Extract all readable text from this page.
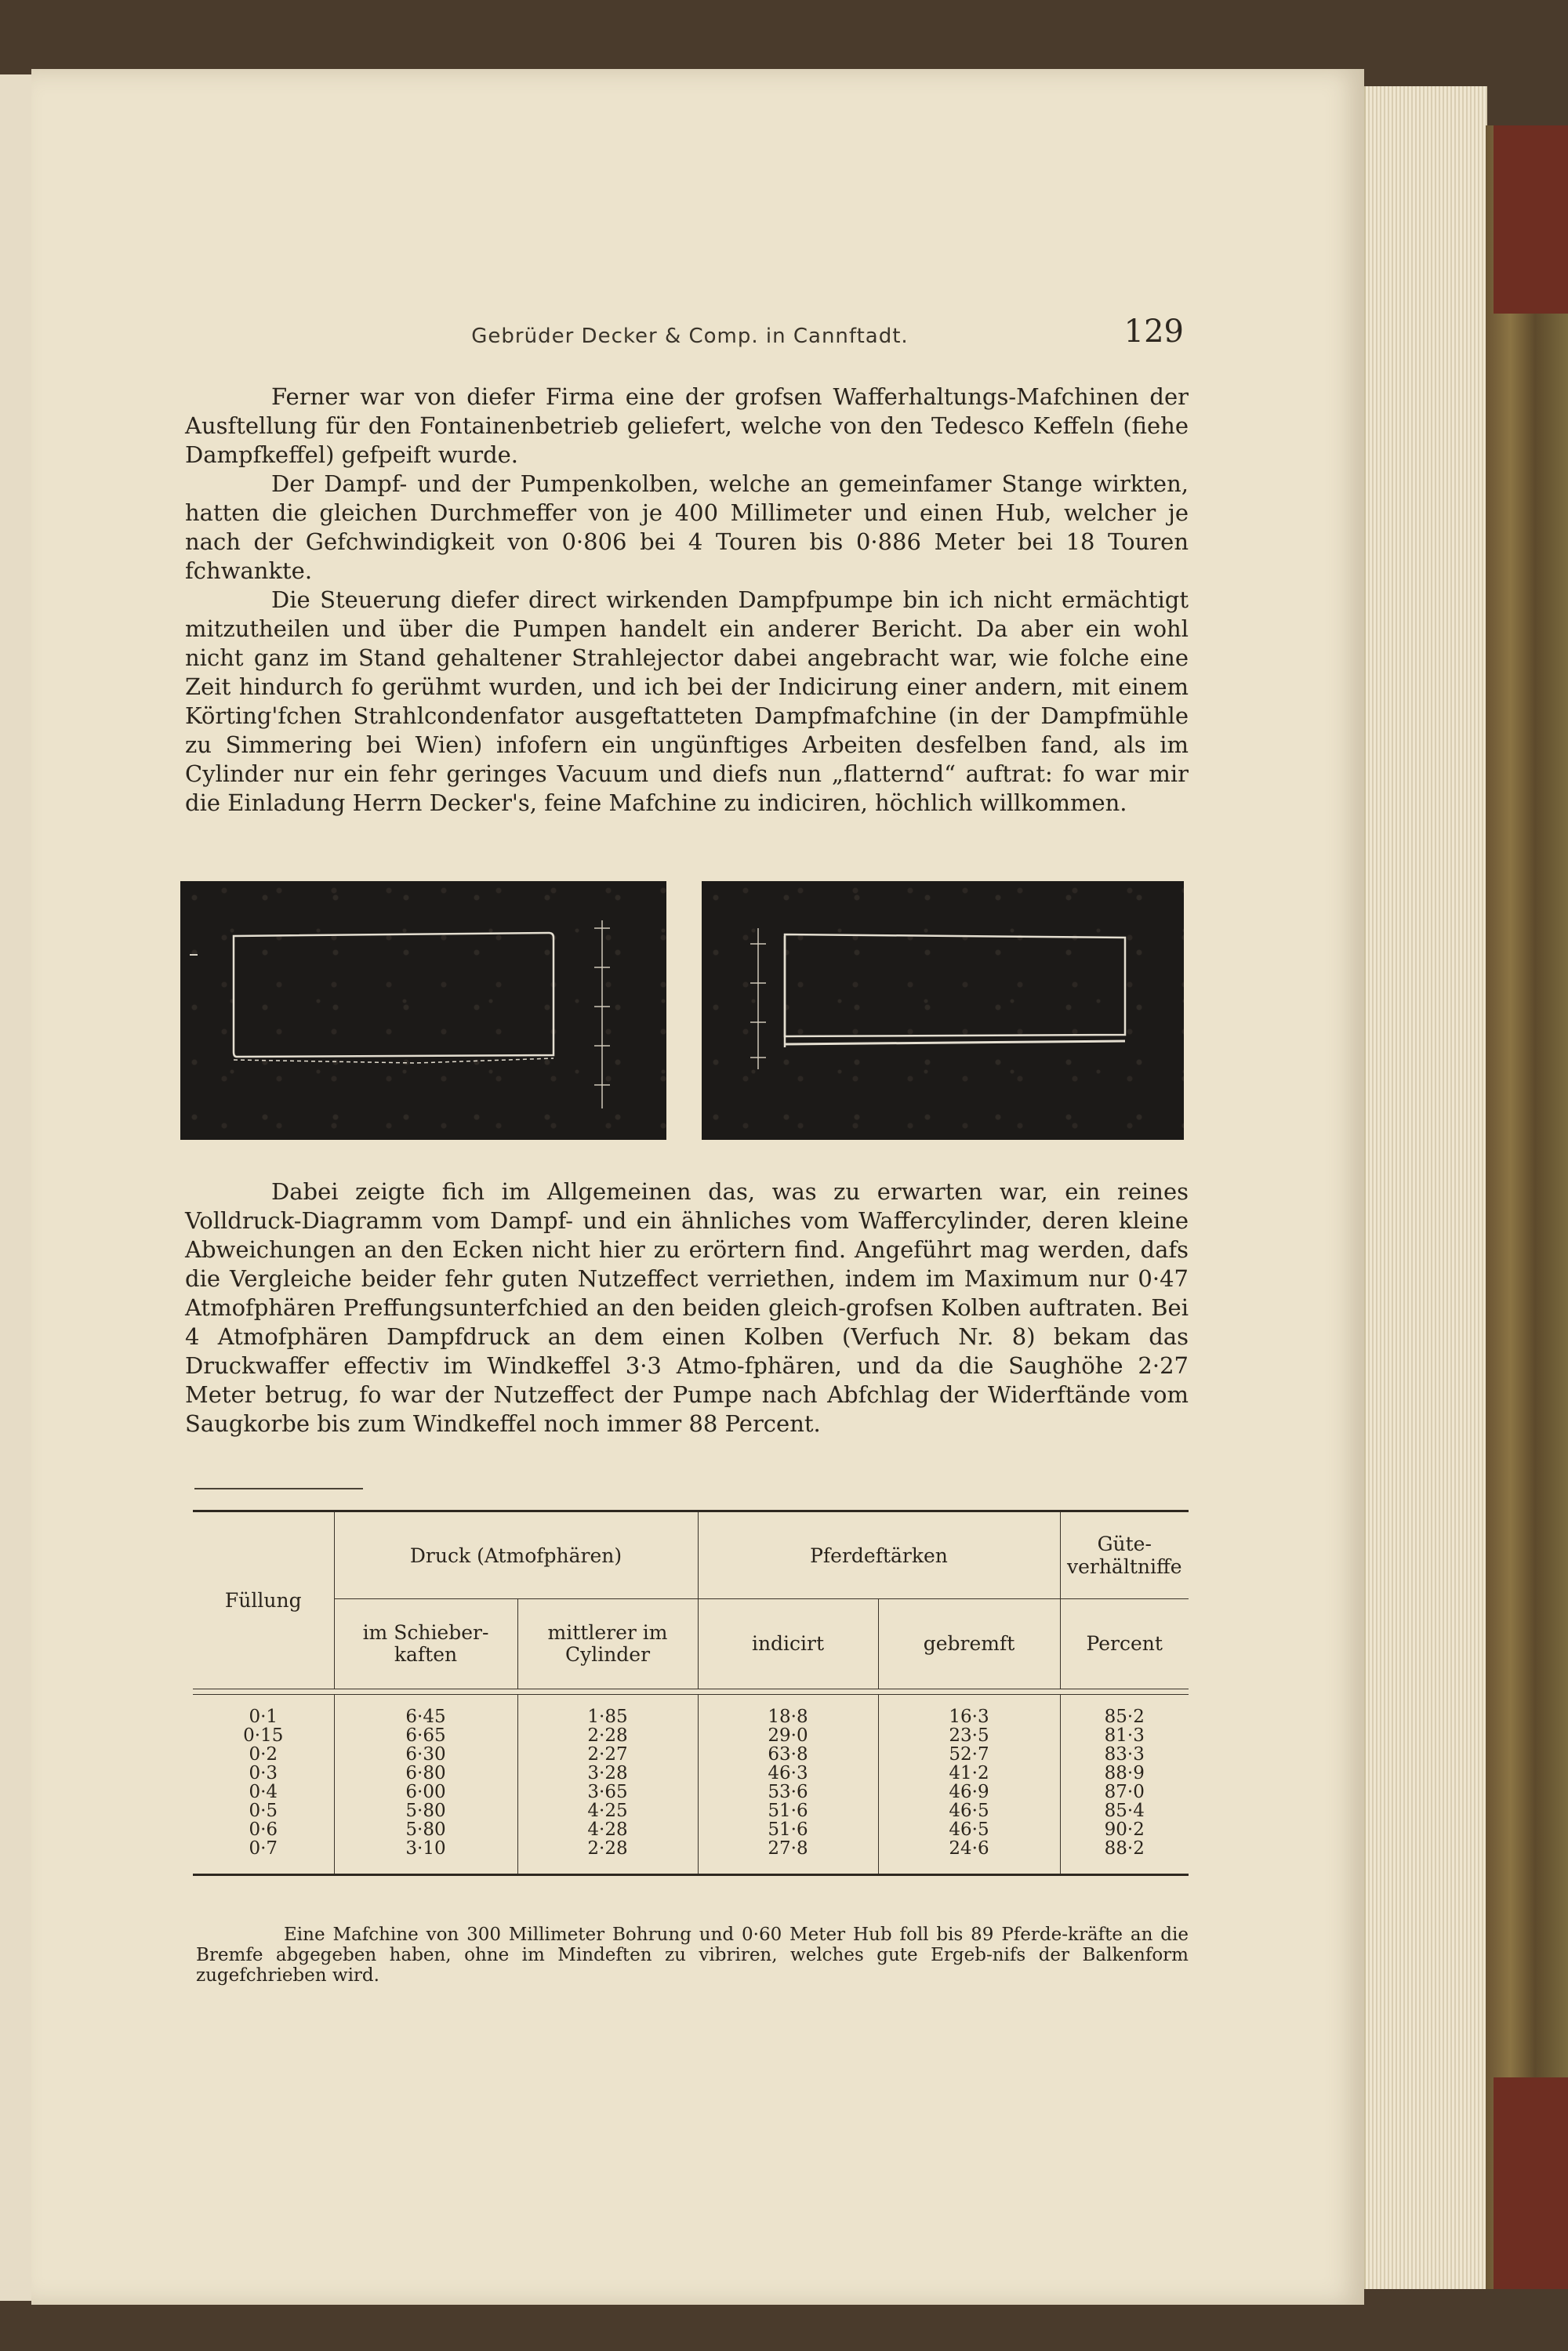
Gebrüder Decker & Comp. in Cannftadt.	129

Ferner war von diefer Firma eine der grofsen Wafferhaltungs-Mafchinen der Ausftellung für den Fontainenbetrieb geliefert, welche von den Tedesco Keffeln (fiehe Dampfkeffel) gefpeift wurde.

Der Dampf- und der Pumpenkolben, welche an gemeinfamer Stange wirkten, hatten die gleichen Durchmeffer von je 400 Millimeter und einen Hub, welcher je nach der Gefchwindigkeit von 0·806 bei 4 Touren bis 0·886 Meter bei 18 Touren fchwankte.

Die Steuerung diefer direct wirkenden Dampfpumpe bin ich nicht ermächtigt mitzutheilen und über die Pumpen handelt ein anderer Bericht. Da aber ein wohl nicht ganz im Stand gehaltener Strahlejector dabei angebracht war, wie folche eine Zeit hindurch fo gerühmt wurden, und ich bei der Indicirung einer andern, mit einem Körting'fchen Strahlcondenfator ausgeftatteten Dampfmafchine (in der Dampfmühle zu Simmering bei Wien) infofern ein ungünftiges Arbeiten desfelben fand, als im Cylinder nur ein fehr geringes Vacuum und diefs nun „flatternd“ auftrat: fo war mir die Einladung Herrn Decker's, feine Mafchine zu indiciren, höchlich willkommen.

Dabei zeigte fich im Allgemeinen das, was zu erwarten war, ein reines Volldruck-Diagramm vom Dampf- und ein ähnliches vom Waffercylinder, deren kleine Abweichungen an den Ecken nicht hier zu erörtern find. Angeführt mag werden, dafs die Vergleiche beider fehr guten Nutzeffect verriethen, indem im Maximum nur 0·47 Atmofphären Preffungsunterfchied an den beiden gleich-grofsen Kolben auftraten. Bei 4 Atmofphären Dampfdruck an dem einen Kolben (Verfuch Nr. 8) bekam das Druckwaffer effectiv im Windkeffel 3·3 Atmo-fphären, und da die Saughöhe 2·27 Meter betrug, fo war der Nutzeffect der Pumpe nach Abfchlag der Widerftände vom Saugkorbe bis zum Windkeffel noch immer 88 Percent.

Füllung	Druck (Atmofphären)		Pferdeftärken		Güte-verhältniffe
	im Schieber-kaften	mittlerer im Cylinder	indicirt	gebremft	Percent

0·1	6·45	1·85	18·8	16·3	85·2
0·15	6·65	2·28	29·0	23·5	81·3
0·2	6·30	2·27	63·8	52·7	83·3
0·3	6·80	3·28	46·3	41·2	88·9
0·4	6·00	3·65	53·6	46·9	87·0
0·5	5·80	4·25	51·6	46·5	85·4
0·6	5·80	4·28	51·6	46·5	90·2
0·7	3·10	2·28	27·8	24·6	88·2

Eine Mafchine von 300 Millimeter Bohrung und 0·60 Meter Hub foll bis 89 Pferde-kräfte an die Bremfe abgegeben haben, ohne im Mindeften zu vibriren, welches gute Ergeb-nifs der Balkenform zugefchrieben wird.
